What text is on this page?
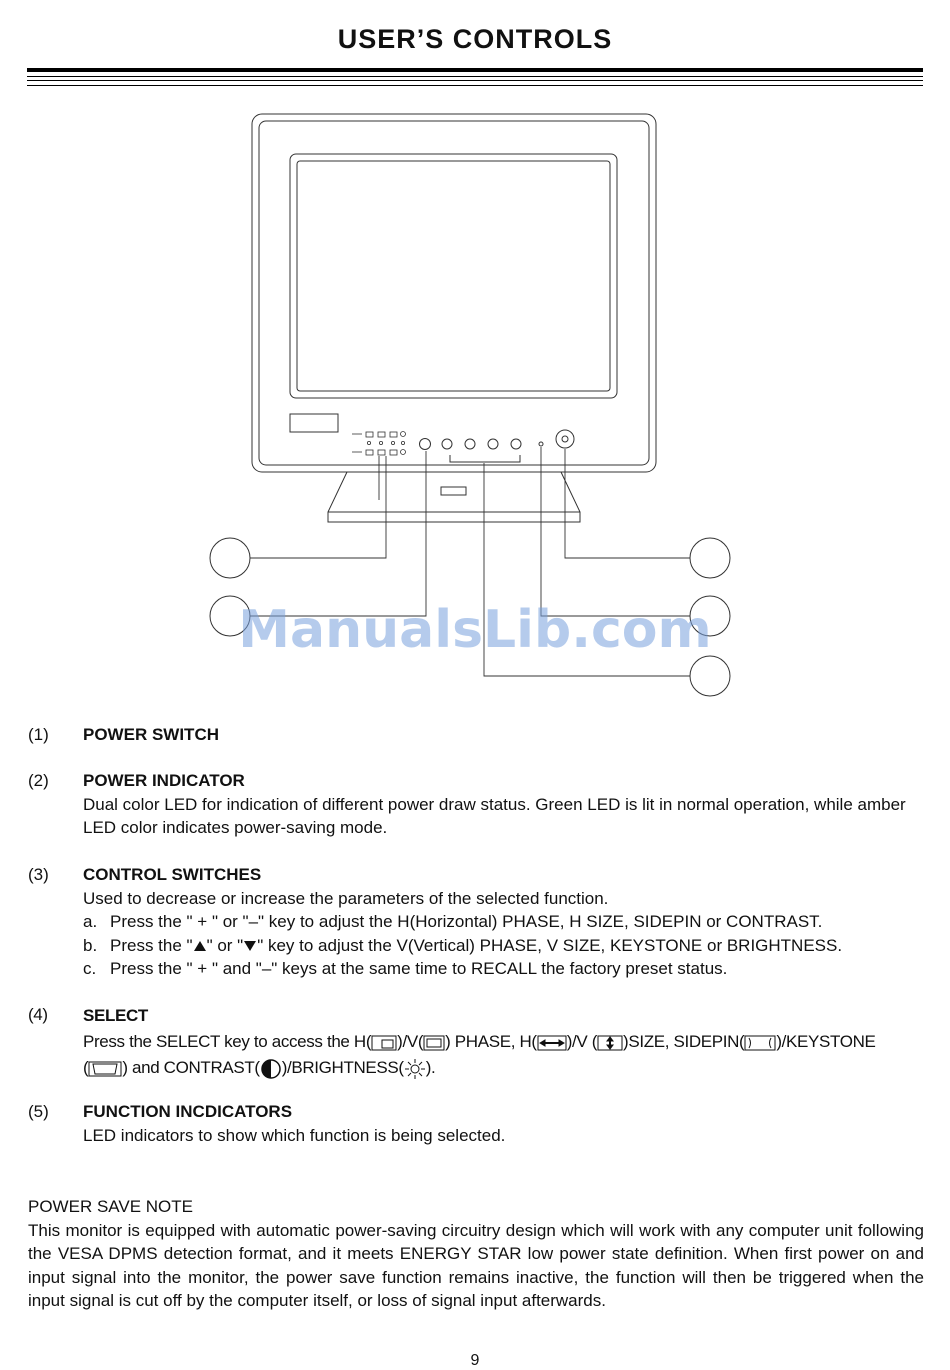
USER’S CONTROLS
ManualsLib.com
(1) POWER SWITCH
(2) POWER INDICATOR
Dual color LED for indication of different power draw status. Green LED is lit in normal operation, while amber LED color indicates power-saving mode.
(3) CONTROL SWITCHES
Used to decrease or increase the parameters of the selected function.
a. Press the " + " or "–" key to adjust the H(Horizontal) PHASE, H SIZE, SIDEPIN or CONTRAST.
b. Press the " " or " " key to adjust the V(Vertical) PHASE, V SIZE, KEYSTONE or BRIGHTNESS.
c. Press the " + " and "–" keys at the same time to RECALL the factory preset status.
(4) SELECT
Press the SELECT key to access the H( )/V( ) PHASE, H( )/V ( )SIZE, SIDEPIN( )/KEYSTONE
( ) and CONTRAST( )/BRIGHTNESS( ).
(5) FUNCTION INCDICATORS
LED indicators to show which function is being selected.
POWER SAVE NOTE
This monitor is equipped with automatic power-saving circuitry design which will work with any computer unit following the VESA DPMS detection format, and it meets ENERGY STAR low power state definition. When first power on and input signal into the monitor, the power save function remains inactive, the function will then be triggered when the input signal is cut off by the computer itself, or loss of signal input afterwards.
9
